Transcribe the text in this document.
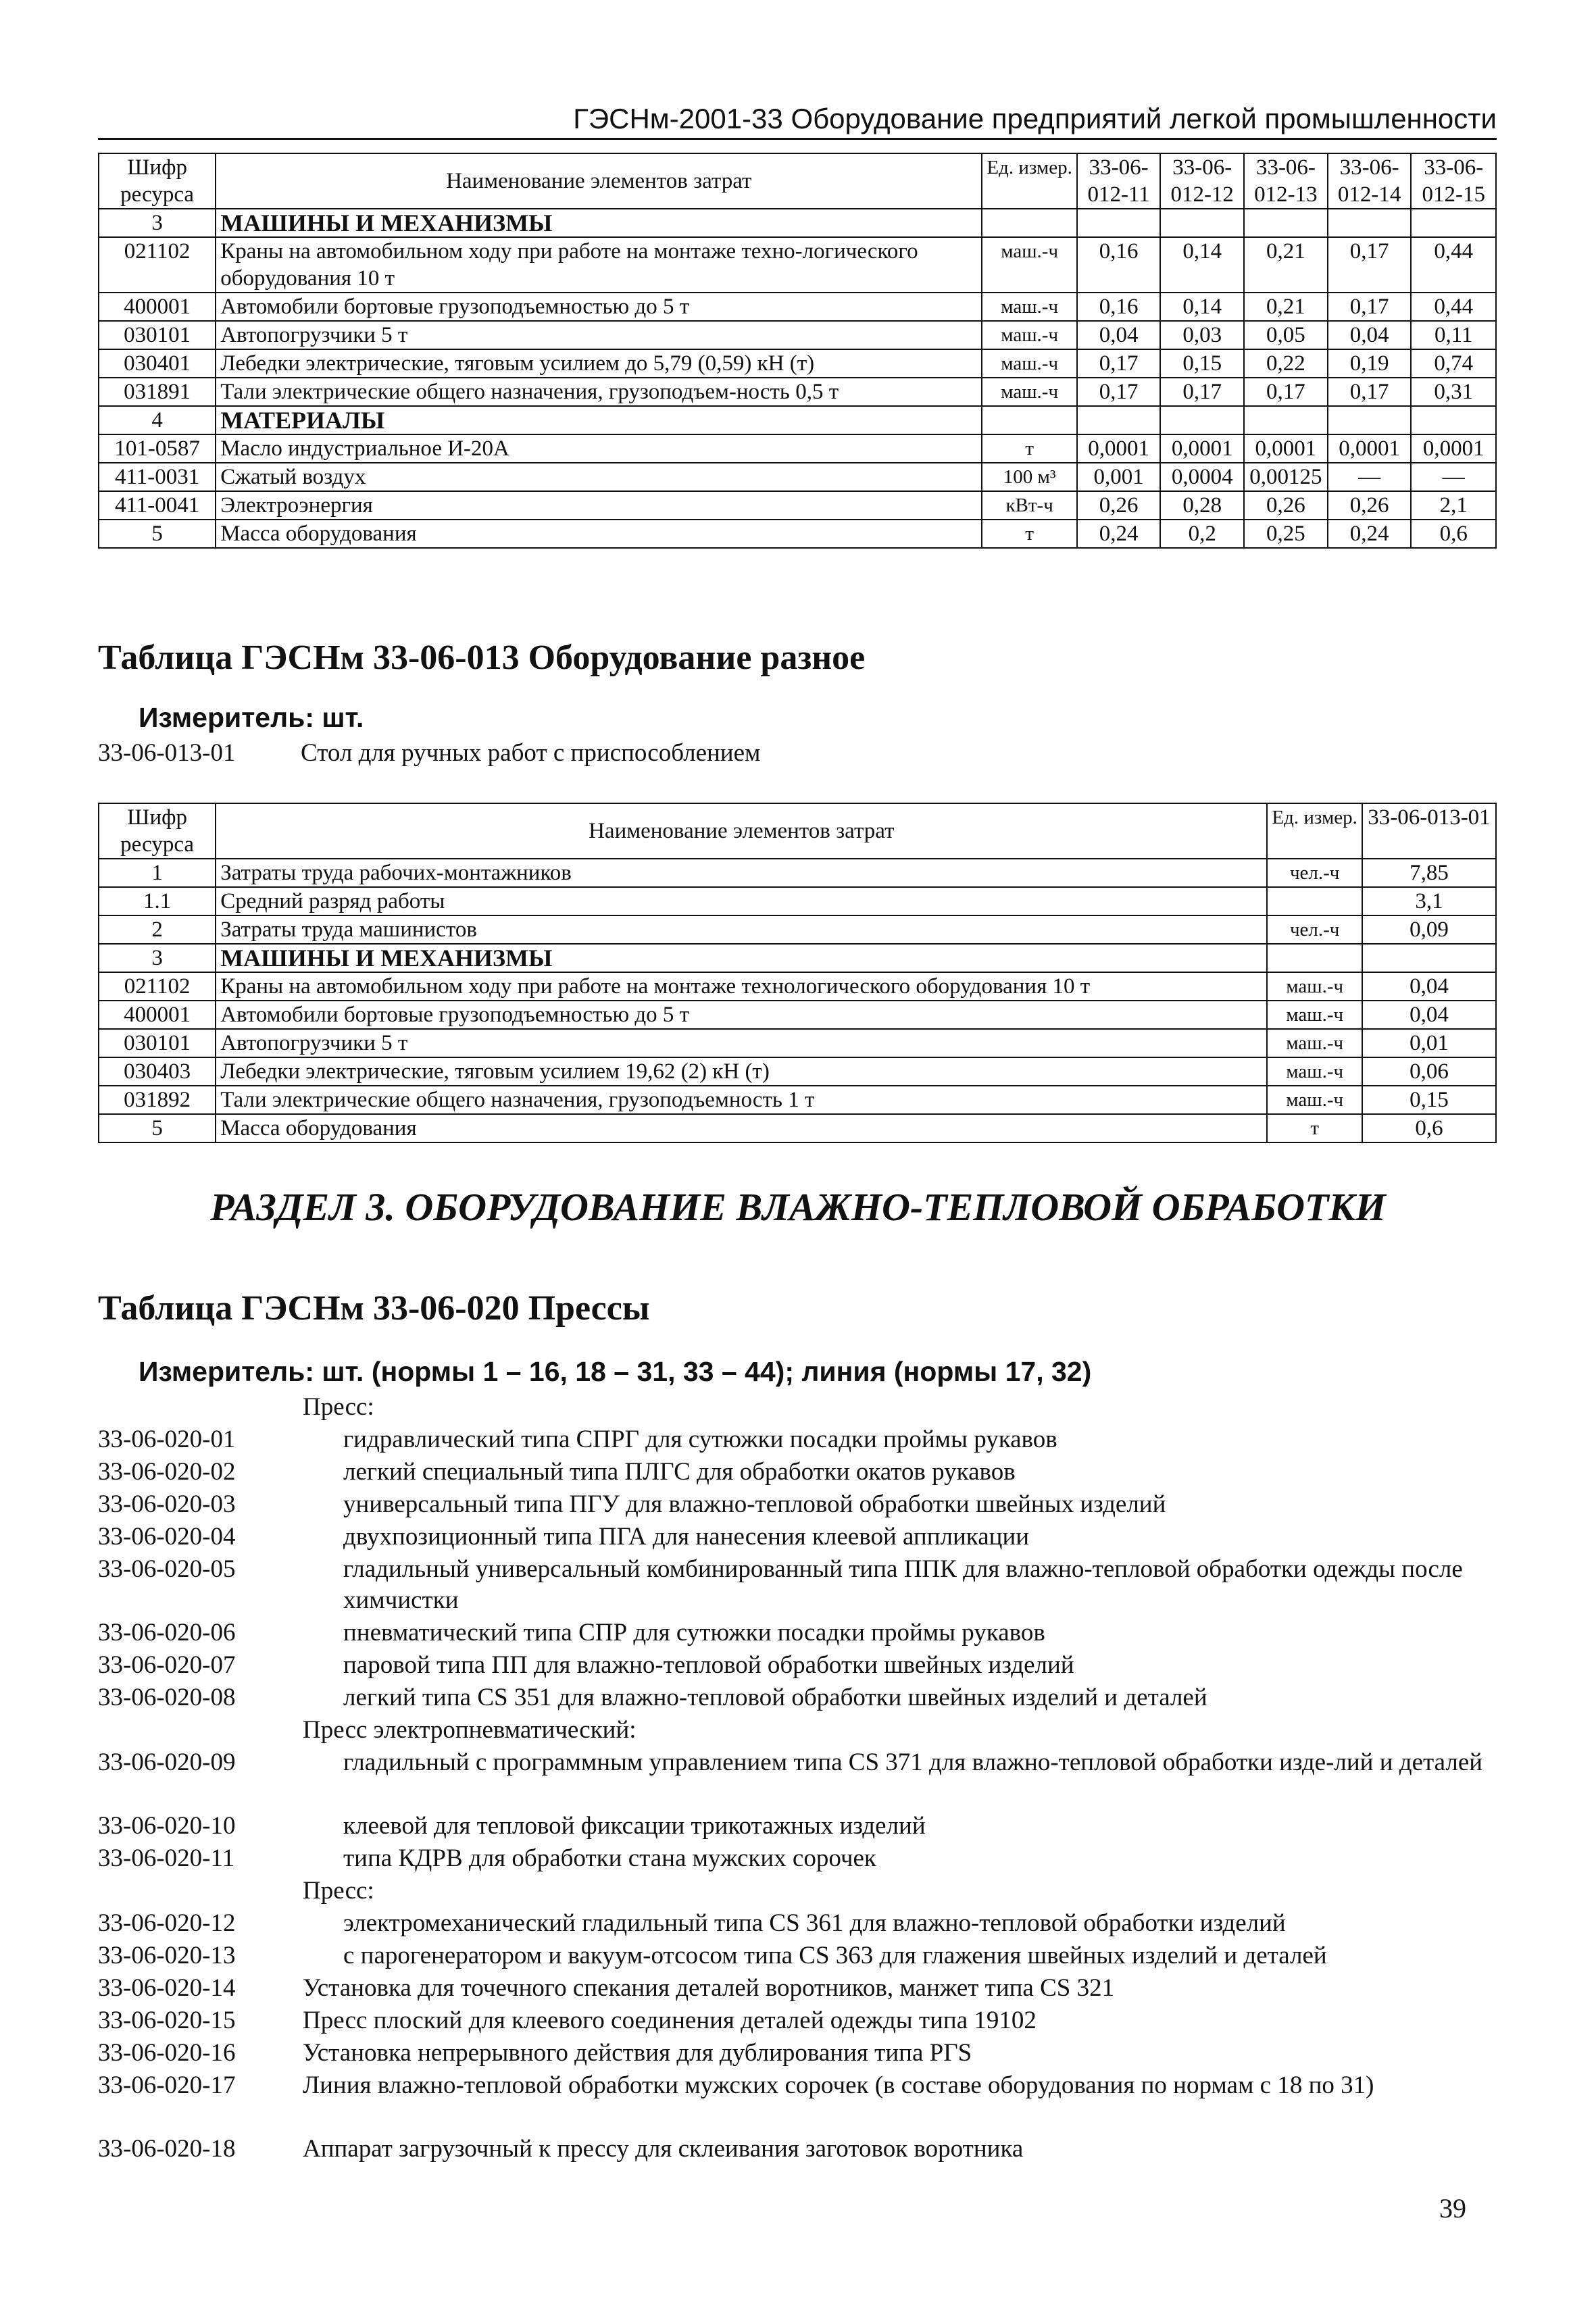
ГЭСНм-2001-33 Оборудование предприятий легкой промышленности
Шифр ресурса	Наименование элементов затрат	Ед. измер.	33-06-012-11	33-06-012-12	33-06-012-13	33-06-012-14	33-06-012-15
3	МАШИНЫ И МЕХАНИЗМЫ						
021102	Краны на автомобильном ходу при работе на монтаже техно-логического оборудования 10 т	маш.-ч	0,16	0,14	0,21	0,17	0,44
400001	Автомобили бортовые грузоподъемностью до 5 т	маш.-ч	0,16	0,14	0,21	0,17	0,44
030101	Автопогрузчики 5 т	маш.-ч	0,04	0,03	0,05	0,04	0,11
030401	Лебедки электрические, тяговым усилием до 5,79 (0,59) кН (т)	маш.-ч	0,17	0,15	0,22	0,19	0,74
031891	Тали электрические общего назначения, грузоподъем-ность 0,5 т	маш.-ч	0,17	0,17	0,17	0,17	0,31
4	МАТЕРИАЛЫ						
101-0587	Масло индустриальное И-20А	т	0,0001	0,0001	0,0001	0,0001	0,0001
411-0031	Сжатый воздух	100 м³	0,001	0,0004	0,00125	—	—
411-0041	Электроэнергия	кВт-ч	0,26	0,28	0,26	0,26	2,1
5	Масса оборудования	т	0,24	0,2	0,25	0,24	0,6
Таблица ГЭСНм 33-06-013 Оборудование разное
Измеритель: шт.
33-06-013-01	Стол для ручных работ с приспособлением
Шифр ресурса	Наименование элементов затрат	Ед. измер.	33-06-013-01
1	Затраты труда рабочих-монтажников	чел.-ч	7,85
1.1	Средний разряд работы		3,1
2	Затраты труда машинистов	чел.-ч	0,09
3	МАШИНЫ И МЕХАНИЗМЫ		
021102	Краны на автомобильном ходу при работе на монтаже технологического оборудования 10 т	маш.-ч	0,04
400001	Автомобили бортовые грузоподъемностью до 5 т	маш.-ч	0,04
030101	Автопогрузчики 5 т	маш.-ч	0,01
030403	Лебедки электрические, тяговым усилием 19,62 (2) кН (т)	маш.-ч	0,06
031892	Тали электрические общего назначения, грузоподъемность 1 т	маш.-ч	0,15
5	Масса оборудования	т	0,6
РАЗДЕЛ 3. ОБОРУДОВАНИЕ ВЛАЖНО-ТЕПЛОВОЙ ОБРАБОТКИ
Таблица ГЭСНм 33-06-020 Прессы
Измеритель: шт. (нормы 1 – 16, 18 – 31, 33 – 44); линия (нормы 17, 32)
Пресс:
33-06-020-01	гидравлический типа СПРГ для сутюжки посадки проймы рукавов
33-06-020-02	легкий специальный типа ПЛГС для обработки окатов рукавов
33-06-020-03	универсальный типа ПГУ для влажно-тепловой обработки швейных изделий
33-06-020-04	двухпозиционный типа ПГА для нанесения клеевой аппликации
33-06-020-05	гладильный универсальный комбинированный типа ППК для влажно-тепловой обработки одежды после химчистки
33-06-020-06	пневматический типа СПР для сутюжки посадки проймы рукавов
33-06-020-07	паровой типа ПП для влажно-тепловой обработки швейных изделий
33-06-020-08	легкий типа CS 351 для влажно-тепловой обработки швейных изделий и деталей
Пресс электропневматический:
33-06-020-09	гладильный с программным управлением типа CS 371 для влажно-тепловой обработки изде-лий и деталей
33-06-020-10	клеевой для тепловой фиксации трикотажных изделий
33-06-020-11	типа КДРВ для обработки стана мужских сорочек
Пресс:
33-06-020-12	электромеханический гладильный типа CS 361 для влажно-тепловой обработки изделий
33-06-020-13	с парогенератором и вакуум-отсосом типа CS 363 для глажения швейных изделий и деталей
33-06-020-14	Установка для точечного спекания деталей воротников, манжет типа CS 321
33-06-020-15	Пресс плоский для клеевого соединения деталей одежды типа 19102
33-06-020-16	Установка непрерывного действия для дублирования типа PГS
33-06-020-17	Линия влажно-тепловой обработки мужских сорочек (в составе оборудования по нормам с 18 по 31)
33-06-020-18	Аппарат загрузочный к прессу для склеивания заготовок воротника
39
